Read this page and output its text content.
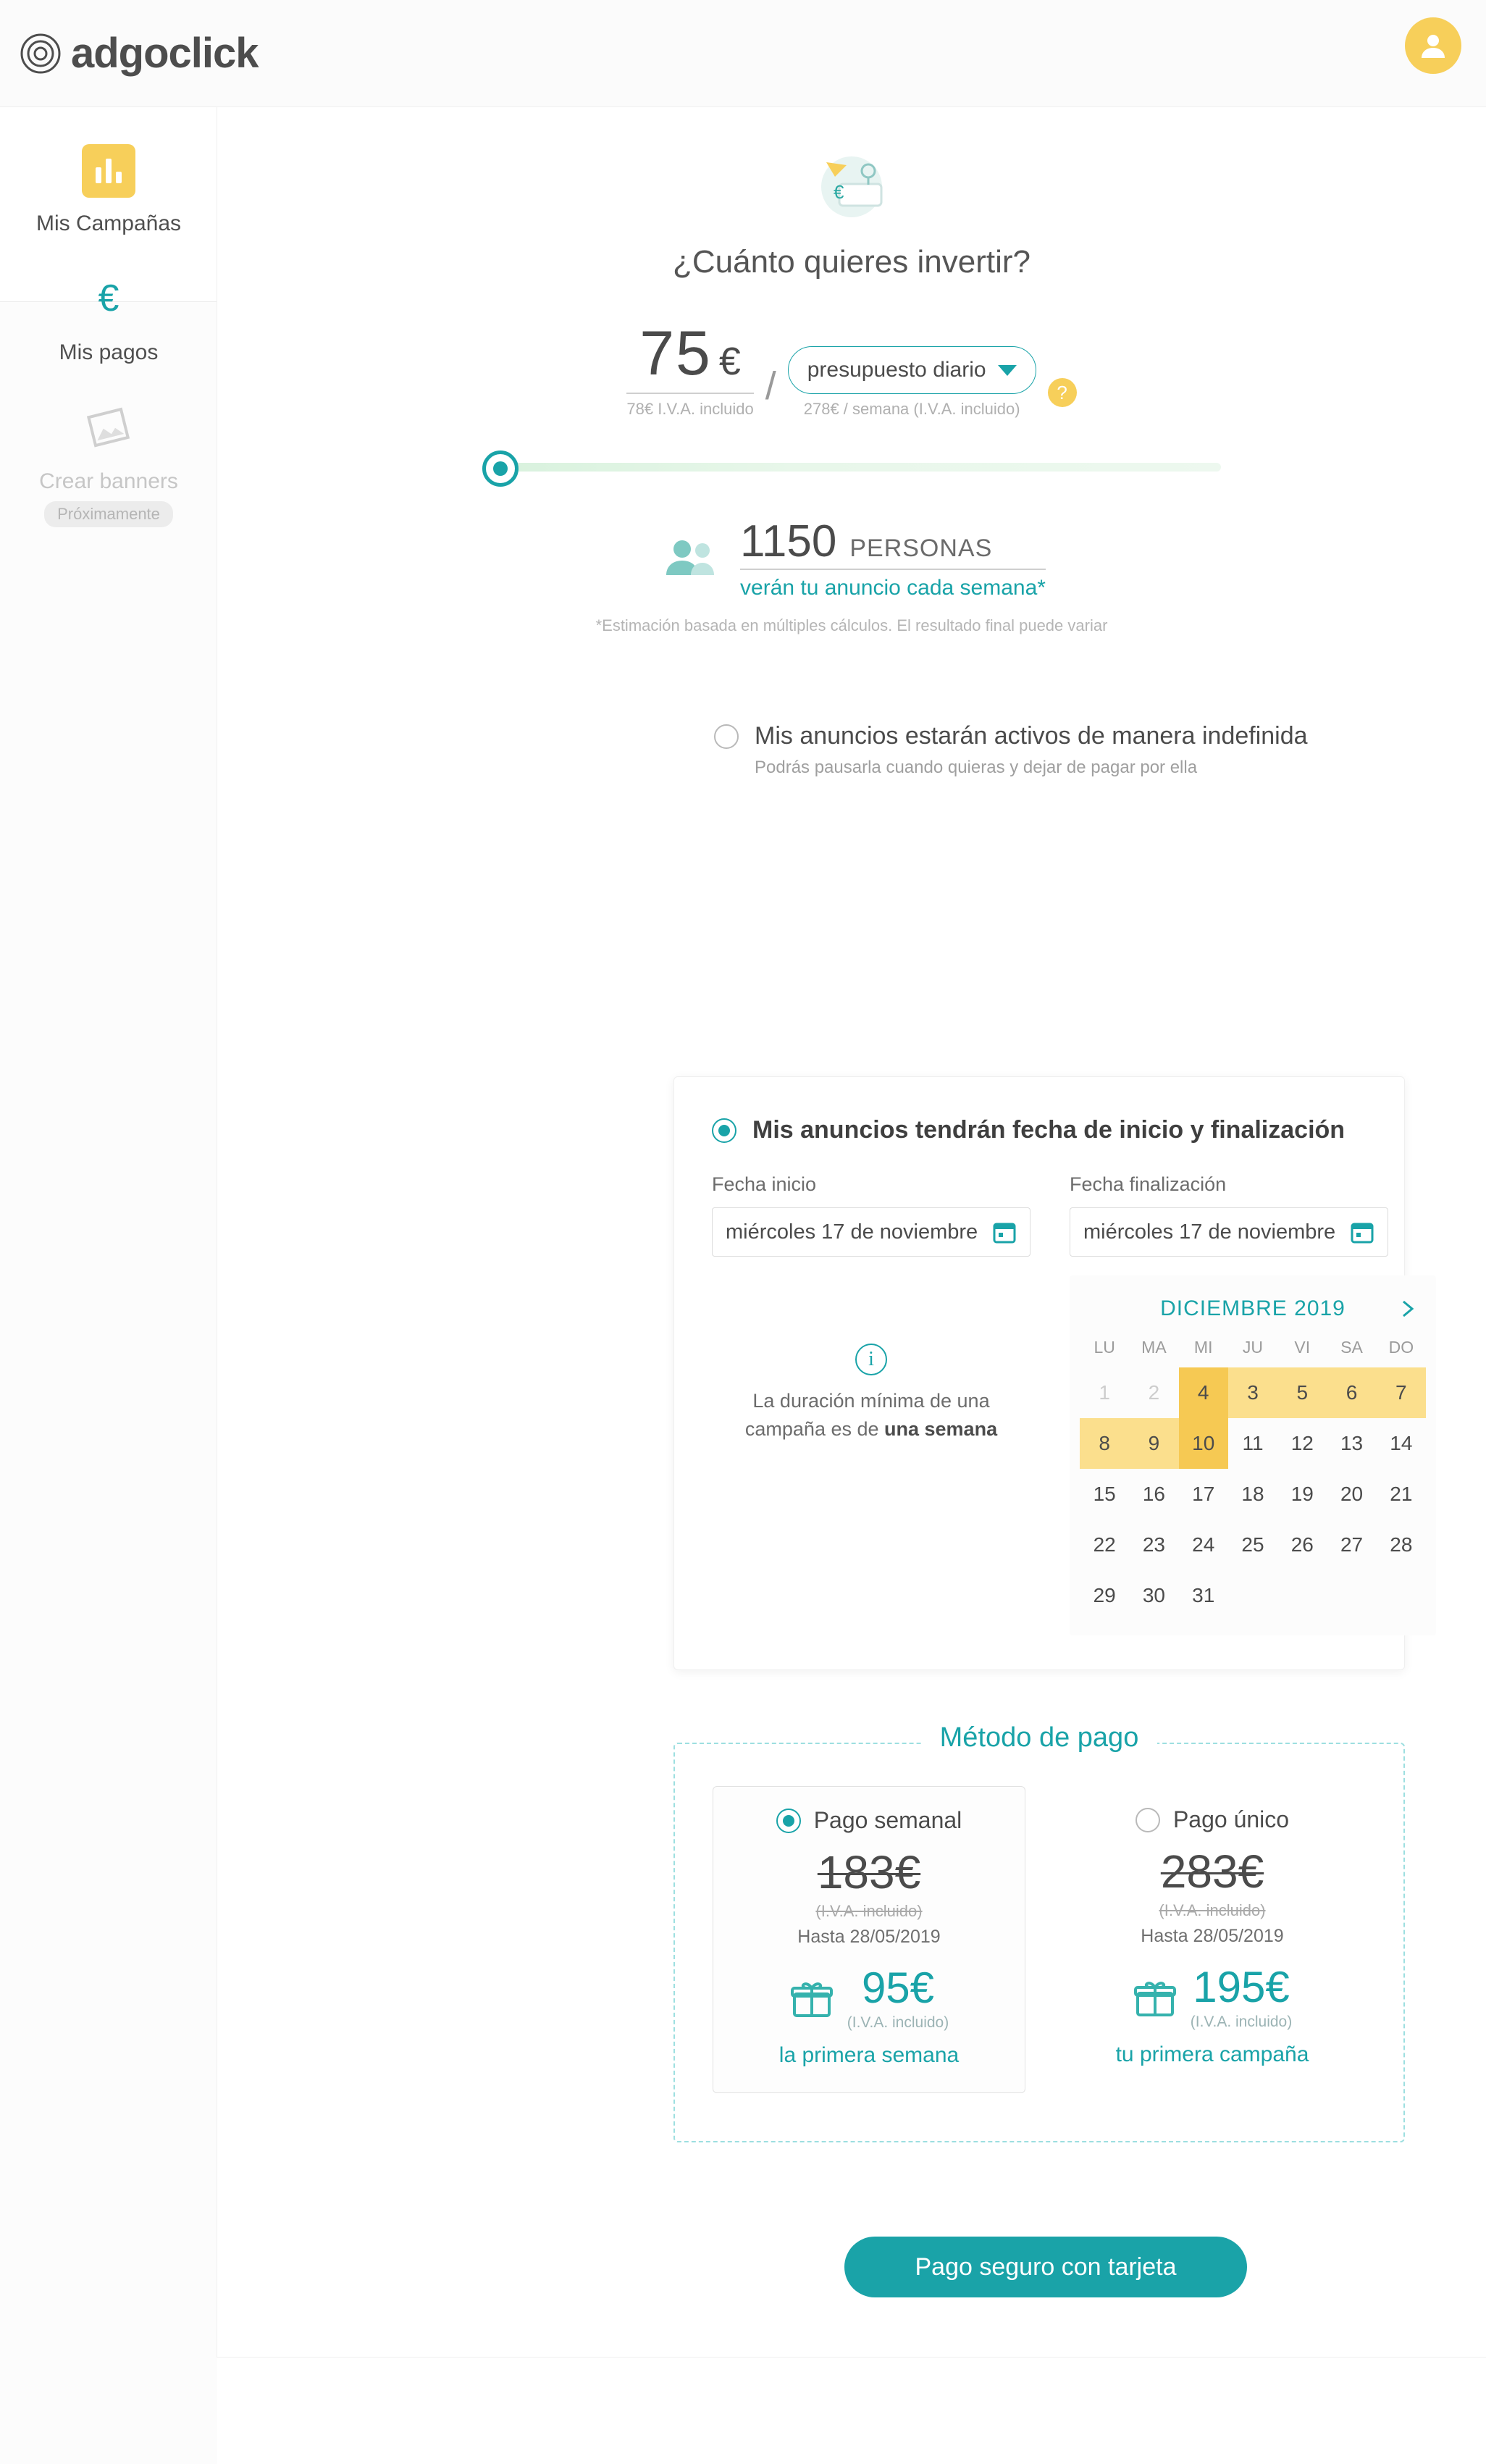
adgoclick
Mis Campañas
€
Mis pagos
Crear banners
Próximamente
€
¿Cuánto quieres invertir?
75 €
78€ I.V.A. incluido
/ presupuesto diario
278€ / semana (I.V.A. incluido)
?
1150 PERSONAS
verán tu anuncio cada semana*
*Estimación basada en múltiples cálculos. El resultado final puede variar
Mis anuncios estarán activos de manera indefinida
Podrás pausarla cuando quieras y dejar de pagar por ella
Mis anuncios tendrán fecha de inicio y finalización
Fecha inicio
miércoles 17 de noviembre
i
La duración mínima de una
campaña es de una semana
Fecha finalización
miércoles 17 de noviembre
DICIEMBRE 2019
LU	MA	MI	JU	VI	SA	DO
1	2	4	3	5	6	7
8	9	10	11	12	13	14
15	16	17	18	19	20	21
22	23	24	25	26	27	28
29	30	31
Método de pago
Pago semanal
183€
(I.V.A. incluido)
Hasta 28/05/2019
95€
(I.V.A. incluido)
la primera semana
Pago único
283€
(I.V.A. incluido)
Hasta 28/05/2019
195€
(I.V.A. incluido)
tu primera campaña
Pago seguro con tarjeta
